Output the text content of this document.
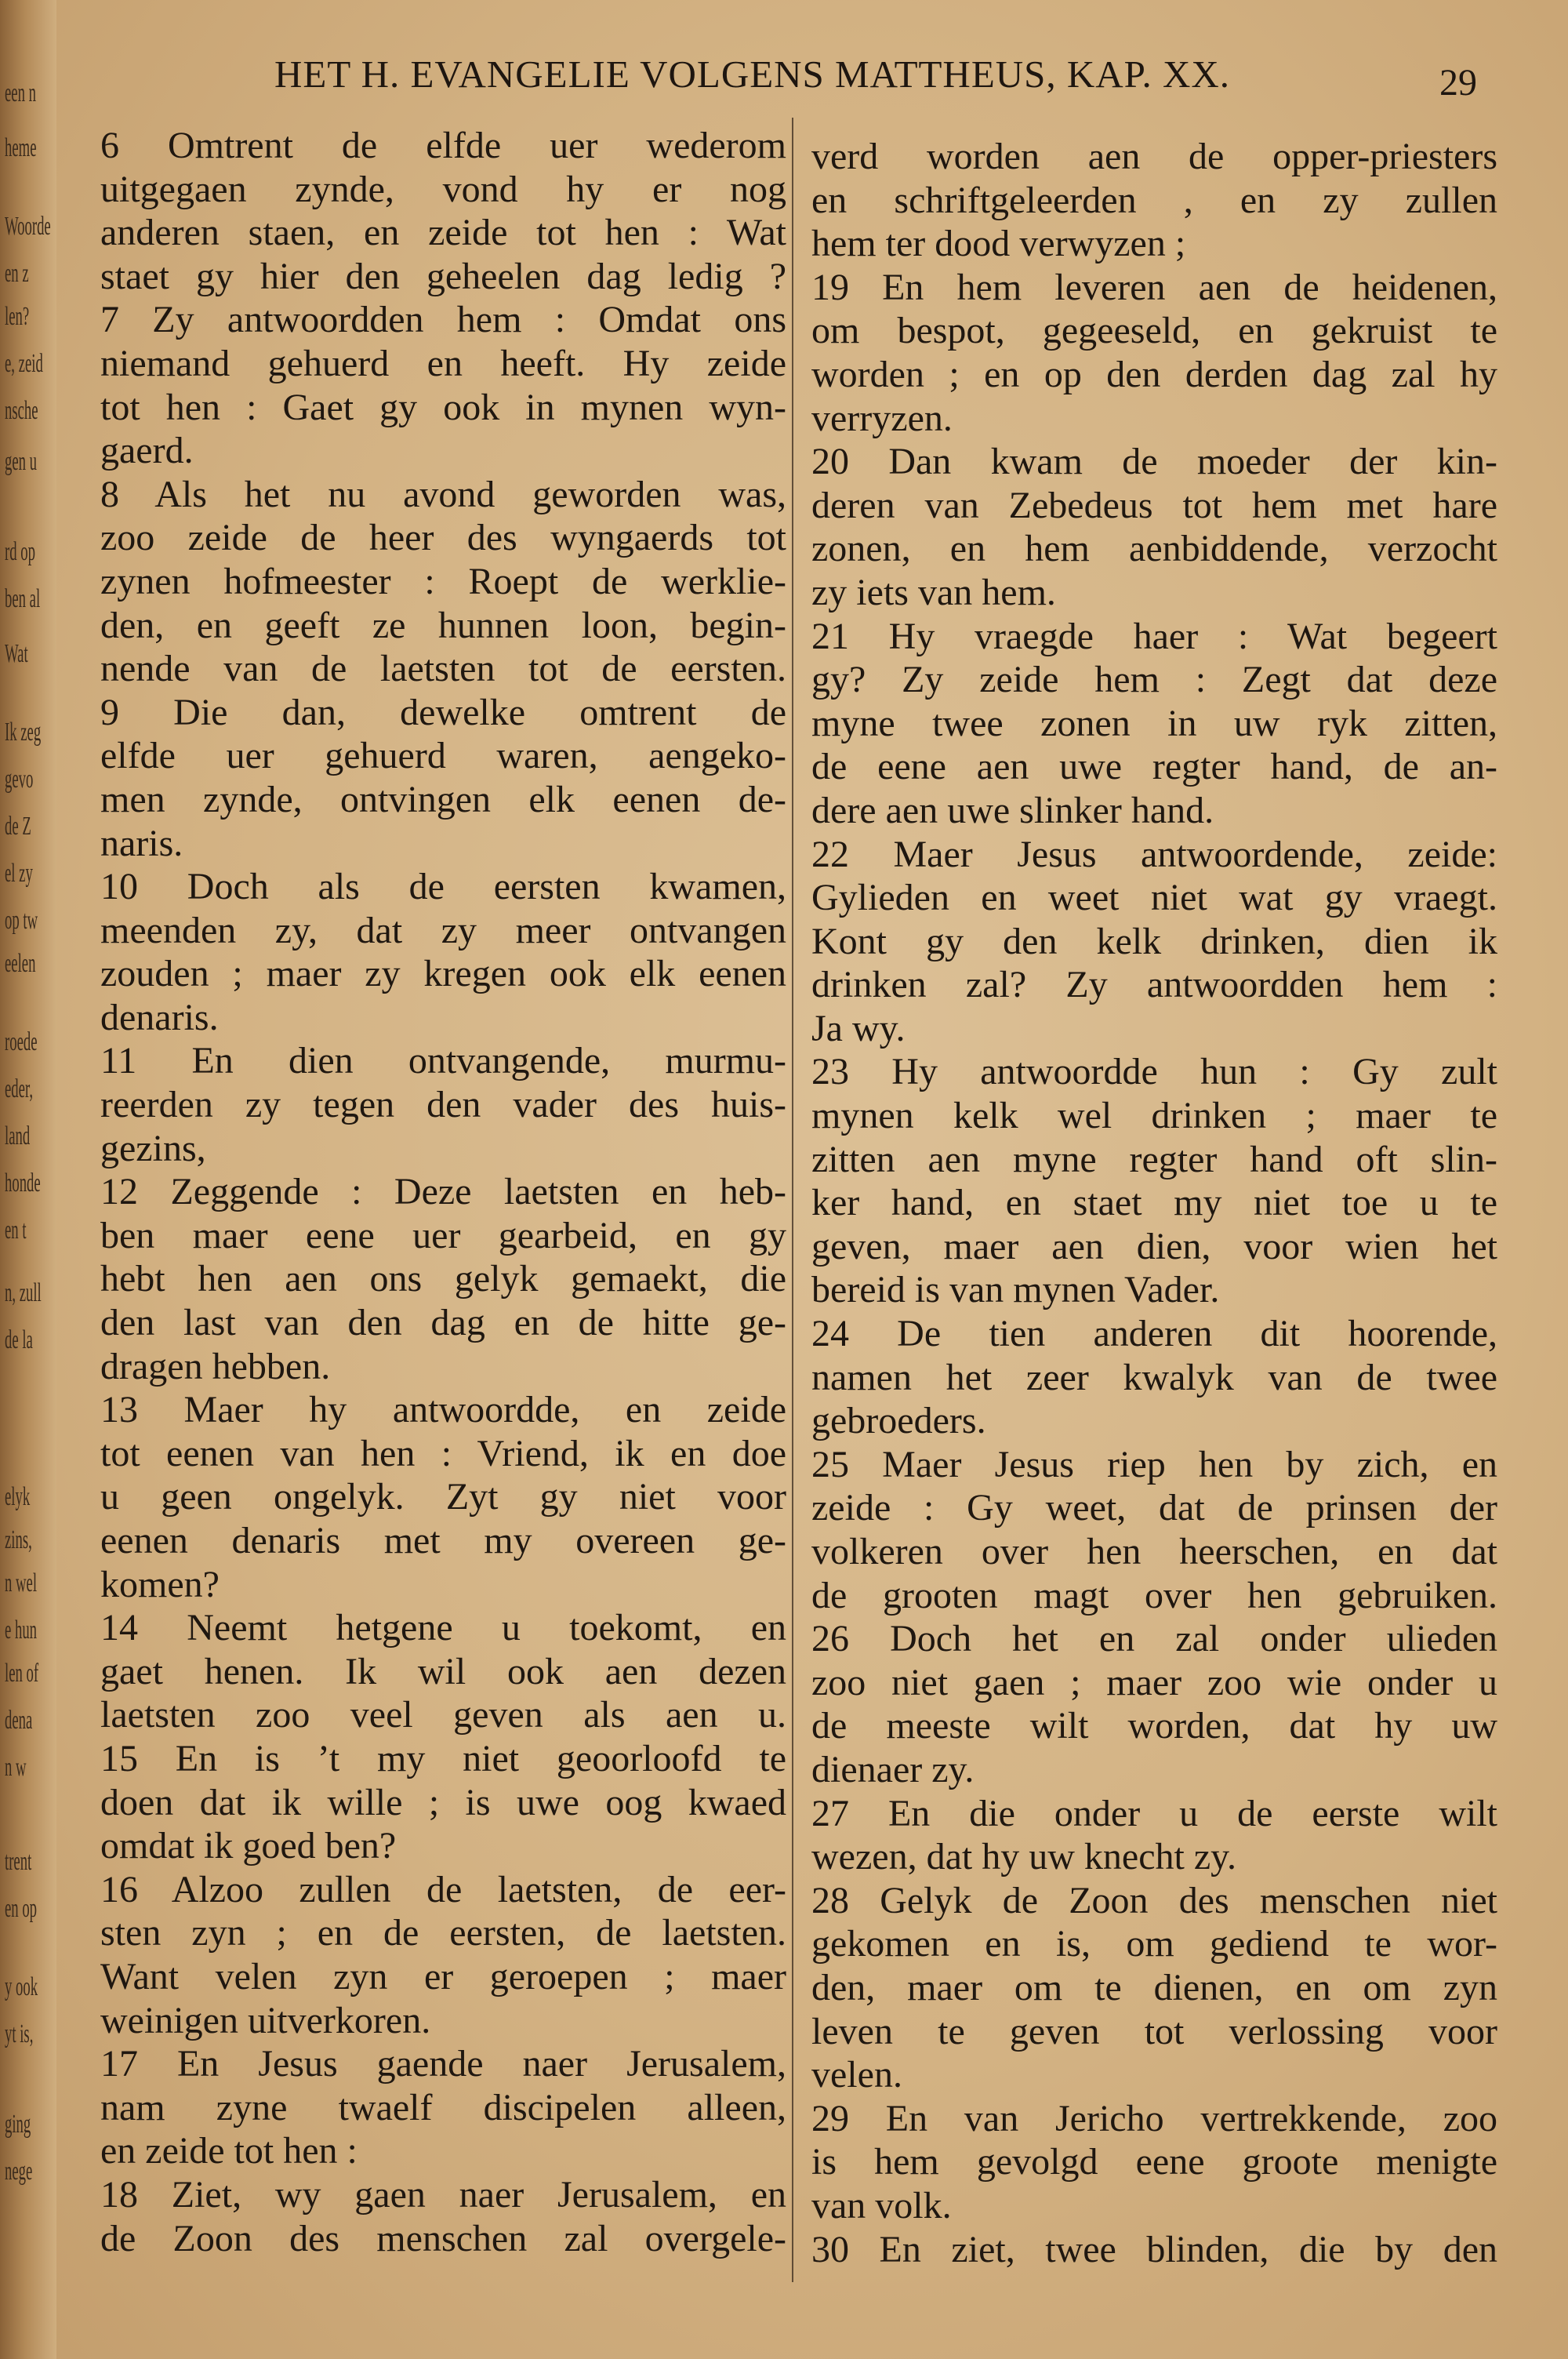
een n
heme
Woorde
en z
len?
e, zeid
nsche
gen u
rd op
ben al
Wat
Ik zeg
gevo
de Z
el zy
op tw
eelen
roede
eder,
land
honde
en t
n, zull
de la
elyk
zins,
n wel
e hun
len of
dena
n w
trent
en op
y ook
yt is,
ging
nege
HET H. EVANGELIE VOLGENS MATTHEUS, KAP. XX.	29
6 Omtrent de elfde uer wederom
uitgegaen zynde, vond hy er nog
anderen staen, en zeide tot hen : Wat
staet gy hier den geheelen dag ledig ?
7 Zy antwoordden hem : Omdat ons
niemand gehuerd en heeft. Hy zeide
tot hen : Gaet gy ook in mynen wyn-
gaerd.
8 Als het nu avond geworden was,
zoo zeide de heer des wyngaerds tot
zynen hofmeester : Roept de werklie-
den, en geeft ze hunnen loon, begin-
nende van de laetsten tot de eersten.
9 Die dan, dewelke omtrent de
elfde uer gehuerd waren, aengeko-
men zynde, ontvingen elk eenen de-
naris.
10 Doch als de eersten kwamen,
meenden zy, dat zy meer ontvangen
zouden ; maer zy kregen ook elk eenen
denaris.
11 En dien ontvangende, murmu-
reerden zy tegen den vader des huis-
gezins,
12 Zeggende : Deze laetsten en heb-
ben maer eene uer gearbeid, en gy
hebt hen aen ons gelyk gemaekt, die
den last van den dag en de hitte ge-
dragen hebben.
13 Maer hy antwoordde, en zeide
tot eenen van hen : Vriend, ik en doe
u geen ongelyk. Zyt gy niet voor
eenen denaris met my overeen ge-
komen?
14 Neemt hetgene u toekomt, en
gaet henen. Ik wil ook aen dezen
laetsten zoo veel geven als aen u.
15 En is ’t my niet geoorloofd te
doen dat ik wille ; is uwe oog kwaed
omdat ik goed ben?
16 Alzoo zullen de laetsten, de eer-
sten zyn ; en de eersten, de laetsten.
Want velen zyn er geroepen ; maer
weinigen uitverkoren.
17 En Jesus gaende naer Jerusalem,
nam zyne twaelf discipelen alleen,
en zeide tot hen :
18 Ziet, wy gaen naer Jerusalem, en
de Zoon des menschen zal overgele-
verd worden aen de opper-priesters
en schriftgeleerden , en zy zullen
hem ter dood verwyzen ;
19 En hem leveren aen de heidenen,
om bespot, gegeeseld, en gekruist te
worden ; en op den derden dag zal hy
verryzen.
20 Dan kwam de moeder der kin-
deren van Zebedeus tot hem met hare
zonen, en hem aenbiddende, verzocht
zy iets van hem.
21 Hy vraegde haer : Wat begeert
gy? Zy zeide hem : Zegt dat deze
myne twee zonen in uw ryk zitten,
de eene aen uwe regter hand, de an-
dere aen uwe slinker hand.
22 Maer Jesus antwoordende, zeide:
Gylieden en weet niet wat gy vraegt.
Kont gy den kelk drinken, dien ik
drinken zal? Zy antwoordden hem :
Ja wy.
23 Hy antwoordde hun : Gy zult
mynen kelk wel drinken ; maer te
zitten aen myne regter hand oft slin-
ker hand, en staet my niet toe u te
geven, maer aen dien, voor wien het
bereid is van mynen Vader.
24 De tien anderen dit hoorende,
namen het zeer kwalyk van de twee
gebroeders.
25 Maer Jesus riep hen by zich, en
zeide : Gy weet, dat de prinsen der
volkeren over hen heerschen, en dat
de grooten magt over hen gebruiken.
26 Doch het en zal onder ulieden
zoo niet gaen ; maer zoo wie onder u
de meeste wilt worden, dat hy uw
dienaer zy.
27 En die onder u de eerste wilt
wezen, dat hy uw knecht zy.
28 Gelyk de Zoon des menschen niet
gekomen en is, om gediend te wor-
den, maer om te dienen, en om zyn
leven te geven tot verlossing voor
velen.
29 En van Jericho vertrekkende, zoo
is hem gevolgd eene groote menigte
van volk.
30 En ziet, twee blinden, die by den
